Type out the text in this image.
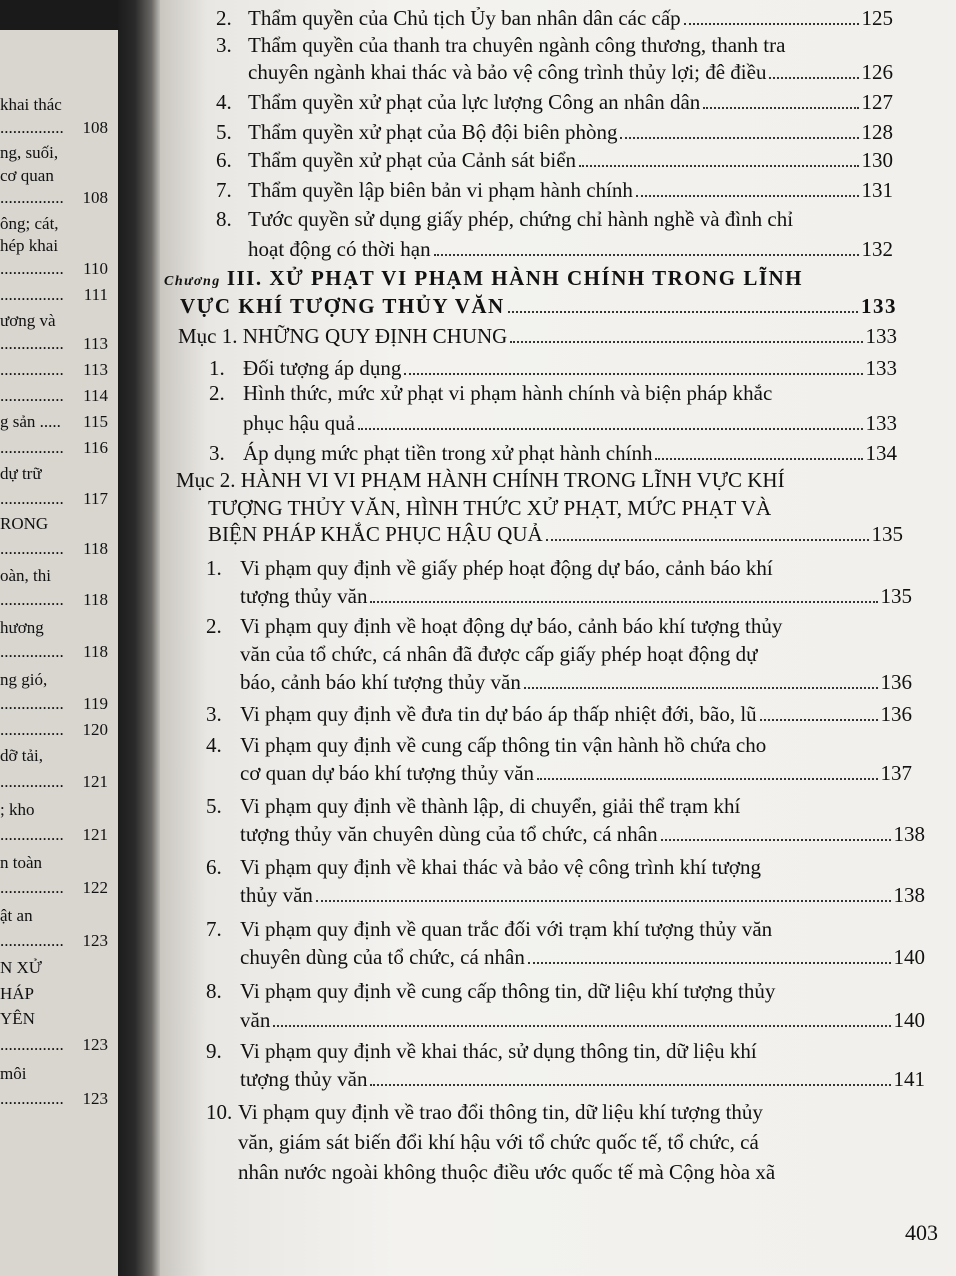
khai thác
............... 108
ng, suối,
cơ quan
............... 108
ông; cát,
hép khai
............... 110
............... 111
ương và
............... 113
............... 113
............... 114
g sản ..... 115
............... 116
dự trữ
............... 117
RONG
............... 118
oàn, thi
............... 118
hương
............... 118
ng gió,
............... 119
............... 120
dỡ tải,
............... 121
; kho
............... 121
n toàn
............... 122
ật an
............... 123
N XỬ
HÁP
YÊN
............... 123
môi
............... 123
2. Thẩm quyền của Chủ tịch Ủy ban nhân dân các cấp	125
3. Thẩm quyền của thanh tra chuyên ngành công thương, thanh tra
chuyên ngành khai thác và bảo vệ công trình thủy lợi; đê điều	126
4. Thẩm quyền xử phạt của lực lượng Công an nhân dân	127
5. Thẩm quyền xử phạt của Bộ đội biên phòng	128
6. Thẩm quyền xử phạt của Cảnh sát biển	130
7. Thẩm quyền lập biên bản vi phạm hành chính	131
8. Tước quyền sử dụng giấy phép, chứng chỉ hành nghề và đình chỉ
hoạt động có thời hạn	132
Chương III. XỬ PHẠT VI PHẠM HÀNH CHÍNH TRONG LĨNH
VỰC KHÍ TƯỢNG THỦY VĂN	133
Mục 1. NHỮNG QUY ĐỊNH CHUNG	133
1. Đối tượng áp dụng	133
2. Hình thức, mức xử phạt vi phạm hành chính và biện pháp khắc
phục hậu quả	133
3. Áp dụng mức phạt tiền trong xử phạt hành chính	134
Mục 2. HÀNH VI VI PHẠM HÀNH CHÍNH TRONG LĨNH VỰC KHÍ
TƯỢNG THỦY VĂN, HÌNH THỨC XỬ PHẠT, MỨC PHẠT VÀ
BIỆN PHÁP KHẮC PHỤC HẬU QUẢ	135
1. Vi phạm quy định về giấy phép hoạt động dự báo, cảnh báo khí
tượng thủy văn	135
2. Vi phạm quy định về hoạt động dự báo, cảnh báo khí tượng thủy
văn của tổ chức, cá nhân đã được cấp giấy phép hoạt động dự
báo, cảnh báo khí tượng thủy văn	136
3. Vi phạm quy định về đưa tin dự báo áp thấp nhiệt đới, bão, lũ	136
4. Vi phạm quy định về cung cấp thông tin vận hành hồ chứa cho
cơ quan dự báo khí tượng thủy văn	137
5. Vi phạm quy định về thành lập, di chuyển, giải thể trạm khí
tượng thủy văn chuyên dùng của tổ chức, cá nhân	138
6. Vi phạm quy định về khai thác và bảo vệ công trình khí tượng
thủy văn	138
7. Vi phạm quy định về quan trắc đối với trạm khí tượng thủy văn
chuyên dùng của tổ chức, cá nhân	140
8. Vi phạm quy định về cung cấp thông tin, dữ liệu khí tượng thủy
văn	140
9. Vi phạm quy định về khai thác, sử dụng thông tin, dữ liệu khí
tượng thủy văn	141
10. Vi phạm quy định về trao đổi thông tin, dữ liệu khí tượng thủy
văn, giám sát biến đổi khí hậu với tổ chức quốc tế, tổ chức, cá
nhân nước ngoài không thuộc điều ước quốc tế mà Cộng hòa xã
403
